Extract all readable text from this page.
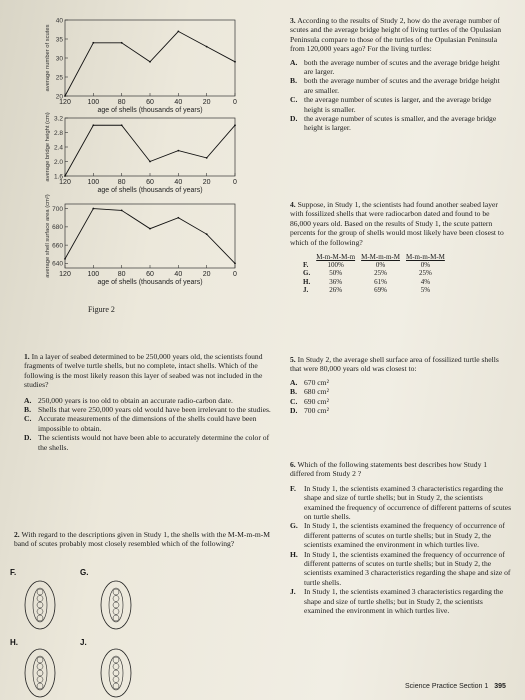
20
25
30
35
40
120 100	80	60	40	20	0
age of shells (thousands of years)
average number of scutes
1.6
2.0
2.4
2.8
3.2
120 100	80	60	40	20	0
age of shells (thousands of years)
average bridge height (cm)
640
660
680
700
120 100	80	60	40	20	0
age of shells (thousands of years)
average shell surface area (cm²)
Figure 2
1. In a layer of seabed determined to be 250,000 years old, the scientists found fragments of twelve turtle shells, but no complete, intact shells. Which of the following is the most likely reason this layer of seabed was not included in the studies?
A. 250,000 years is too old to obtain an accurate radio-carbon date.
B. Shells that were 250,000 years old would have been irrelevant to the studies.
C. Accurate measurements of the dimensions of the shells could have been impossible to obtain.
D. The scientists would not have been able to accurately determine the color of the shells.
2. With regard to the descriptions given in Study 1, the shells with the M-M-m-m-M band of scutes probably most closely resembled which of the following?
F.	G.
H.	J.
3. According to the results of Study 2, how do the average number of scutes and the average bridge height of living turtles of the Opulasian Peninsula compare to those of the turtles of the Opulasian Peninsula from 120,000 years ago? For the living turtles:
A. both the average number of scutes and the average bridge height are larger.
B. both the average number of scutes and the average bridge height are smaller.
C. the average number of scutes is larger, and the average bridge height is smaller.
D. the average number of scutes is smaller, and the average bridge height is larger.
4. Suppose, in Study 1, the scientists had found another seabed layer with fossilized shells that were radiocarbon dated and found to be 86,000 years old. Based on the results of Study 1, the scute pattern percents for the group of shells would most likely have been closest to which of the following?
	M-m-M-M-m	M-M-m-m-M	M-m-m-M-M
F.	100%	0%	0%
G.	50%	25%	25%
H.	36%	61%	4%
J.	26%	69%	5%
5. In Study 2, the average shell surface area of fossilized turtle shells that were 80,000 years old was closest to:
A. 670 cm²
B. 680 cm²
C. 690 cm²
D. 700 cm²
6. Which of the following statements best describes how Study 1 differed from Study 2 ?
F. In Study 1, the scientists examined 3 characteristics regarding the shape and size of turtle shells; but in Study 2, the scientists examined the frequency of occurrence of different patterns of scutes on turtle shells.
G. In Study 1, the scientists examined the frequency of occurrence of different patterns of scutes on turtle shells; but in Study 2, the scientists examined the environment in which turtles live.
H. In Study 1, the scientists examined the frequency of occurrence of different patterns of scutes on turtle shells; but in Study 2, the scientists examined 3 characteristics regarding the shape and size of turtle shells.
J. In Study 1, the scientists examined 3 characteristics regarding the shape and size of turtle shells; but in Study 2, the scientists examined the environment in which turtles live.
Science Practice Section 1 395
